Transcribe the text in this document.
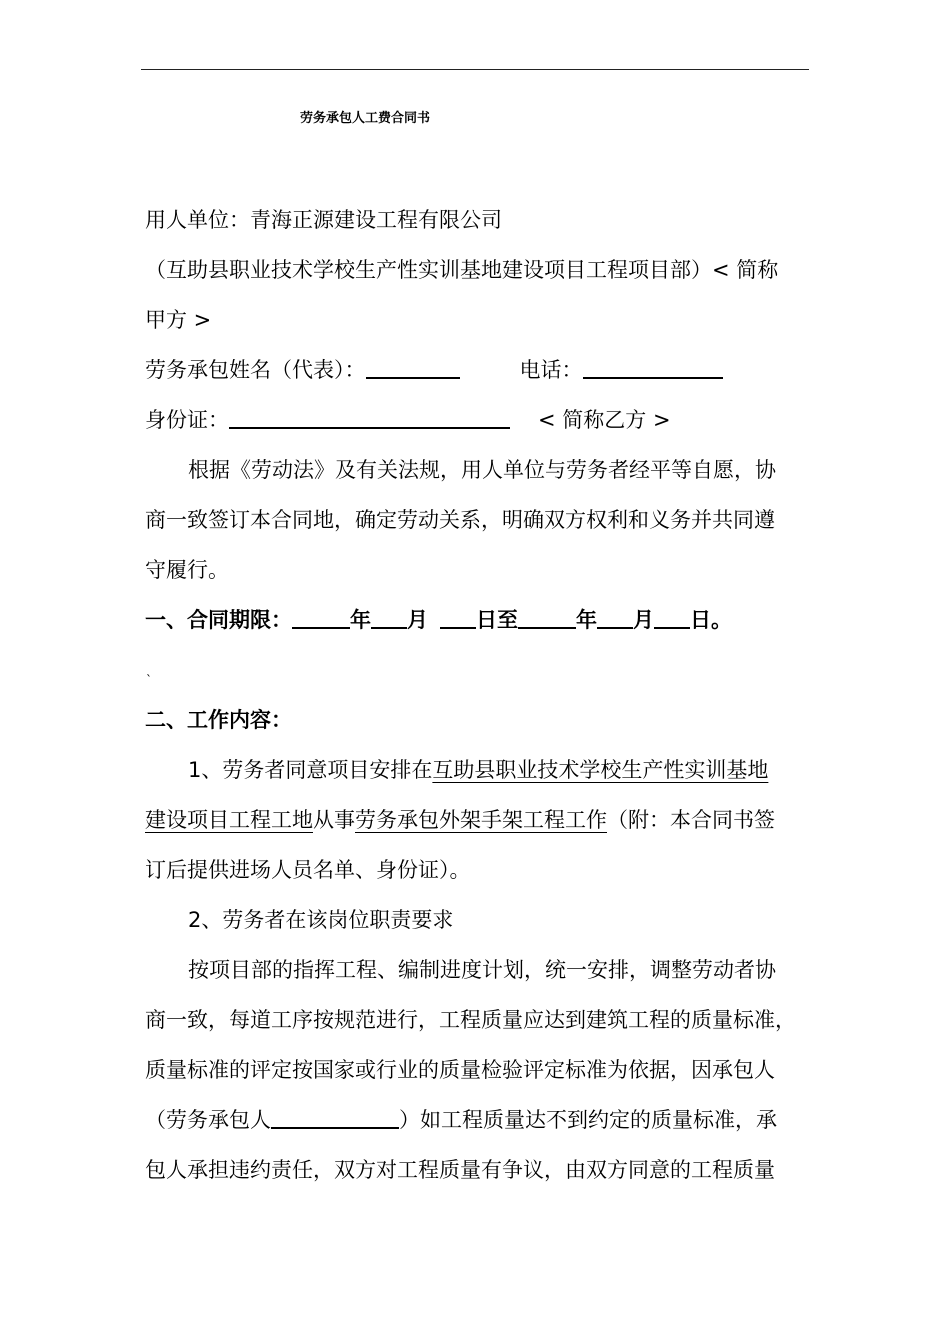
劳务承包人工费合同书
用人单位：青海正源建设工程有限公司
（互助县职业技术学校生产性实训基地建设项目工程项目部）< 简称
甲方 >
劳务承包姓名（代表）：	电话：
身份证：	< 简称乙方 >
根据《劳动法》及有关法规，用人单位与劳务者经平等自愿，协
商一致签订本合同地，确定劳动关系，明确双方权利和义务并共同遵
守履行。
一、合同期限：	年 月 日至	年 月 日。
`
二、工作内容：
1、劳务者同意项目安排在互助县职业技术学校生产性实训基地
建设项目工程工地从事劳务承包外架手架工程工作（附：本合同书签
订后提供进场人员名单、身份证）。
2、劳务者在该岗位职责要求
按项目部的指挥工程、编制进度计划，统一安排，调整劳动者协
商一致，每道工序按规范进行，工程质量应达到建筑工程的质量标准，
质量标准的评定按国家或行业的质量检验评定标准为依据，因承包人
（劳务承包人	）如工程质量达不到约定的质量标准，承
包人承担违约责任，双方对工程质量有争议，由双方同意的工程质量
